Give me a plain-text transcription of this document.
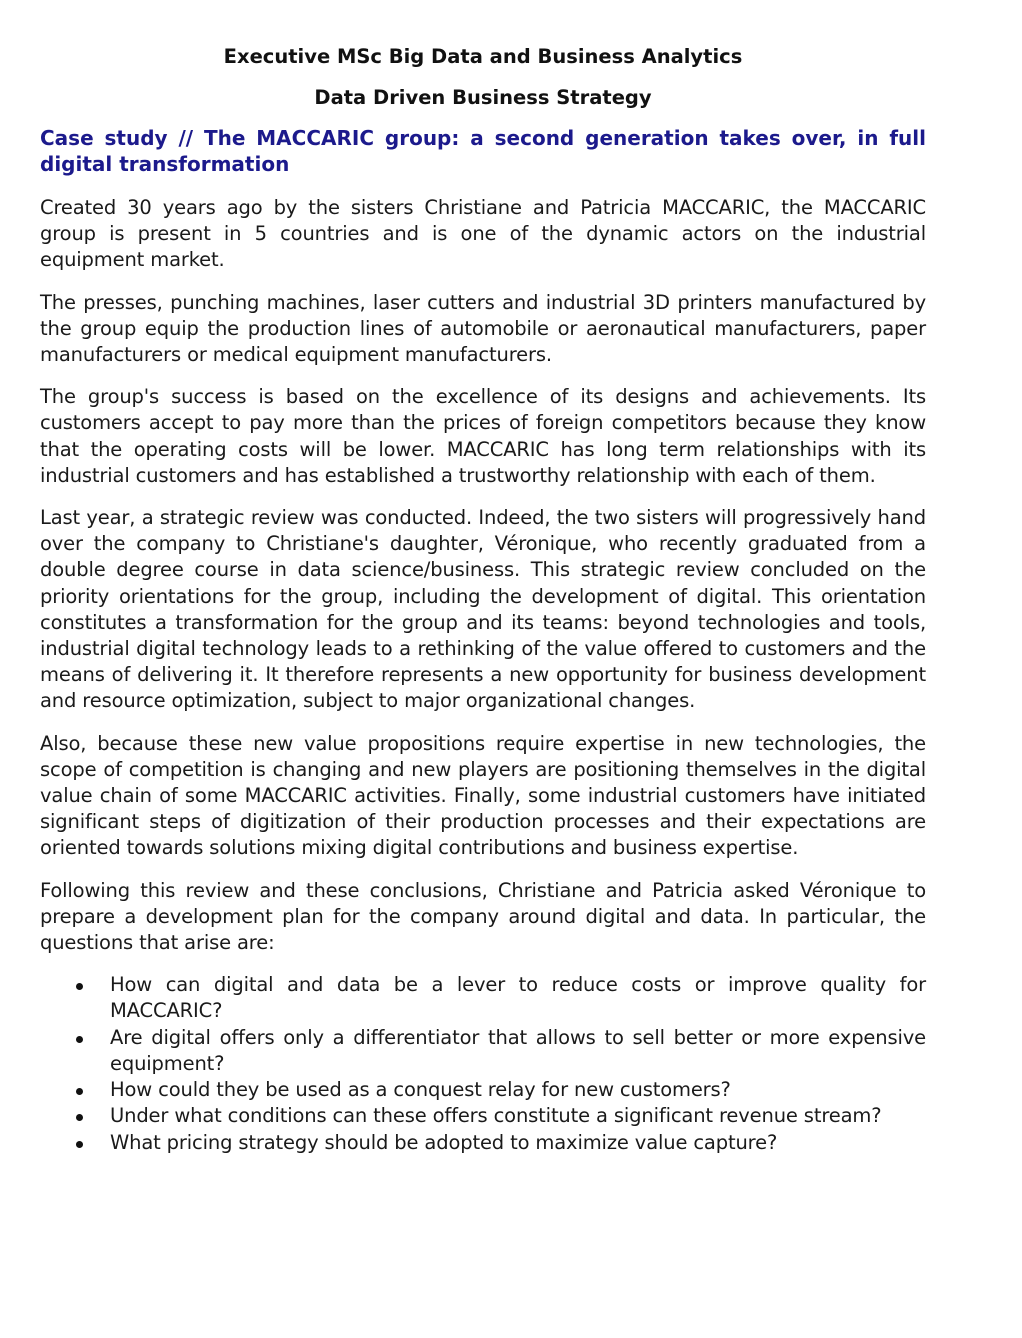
Executive MSc Big Data and Business Analytics
Data Driven Business Strategy
Case study // The MACCARIC group: a second generation takes over, in full digital transformation

Created 30 years ago by the sisters Christiane and Patricia MACCARIC, the MACCARIC group is present in 5 countries and is one of the dynamic actors on the industrial equipment market.

The presses, punching machines, laser cutters and industrial 3D printers manufactured by the group equip the production lines of automobile or aeronautical manufacturers, paper manufacturers or medical equipment manufacturers.

The group's success is based on the excellence of its designs and achievements. Its customers accept to pay more than the prices of foreign competitors because they know that the operating costs will be lower. MACCARIC has long term relationships with its industrial customers and has established a trustworthy relationship with each of them.

Last year, a strategic review was conducted. Indeed, the two sisters will progressively hand over the company to Christiane's daughter, Véronique, who recently graduated from a double degree course in data science/business. This strategic review concluded on the priority orientations for the group, including the development of digital. This orientation constitutes a transformation for the group and its teams: beyond technologies and tools, industrial digital technology leads to a rethinking of the value offered to customers and the means of delivering it. It therefore represents a new opportunity for business development and resource optimization, subject to major organizational changes.

Also, because these new value propositions require expertise in new technologies, the scope of competition is changing and new players are positioning themselves in the digital value chain of some MACCARIC activities. Finally, some industrial customers have initiated significant steps of digitization of their production processes and their expectations are oriented towards solutions mixing digital contributions and business expertise.

Following this review and these conclusions, Christiane and Patricia asked Véronique to prepare a development plan for the company around digital and data. In particular, the questions that arise are:

How can digital and data be a lever to reduce costs or improve quality for MACCARIC?
Are digital offers only a differentiator that allows to sell better or more expensive equipment?
How could they be used as a conquest relay for new customers?
Under what conditions can these offers constitute a significant revenue stream?
What pricing strategy should be adopted to maximize value capture?
